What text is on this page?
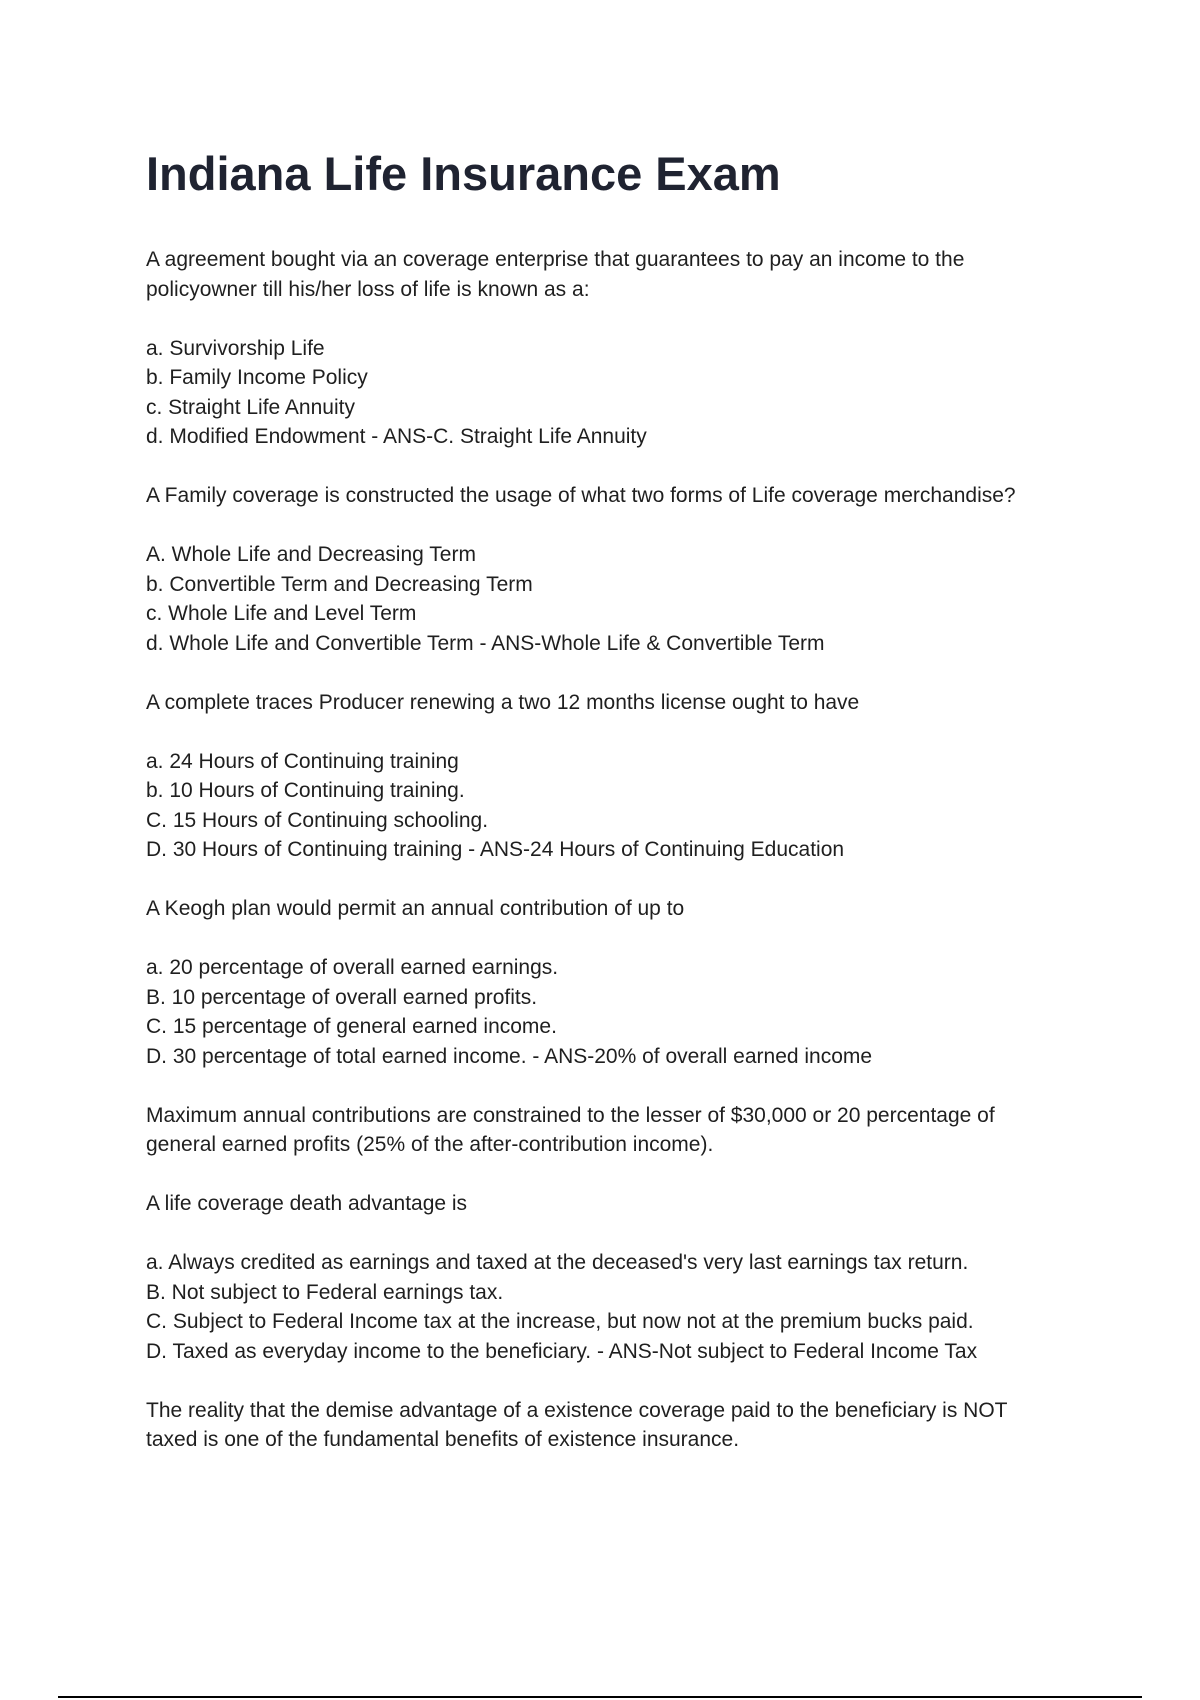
Indiana Life Insurance Exam
A agreement bought via an coverage enterprise that guarantees to pay an income to the
policyowner till his/her loss of life is known as a:
a. Survivorship Life
b. Family Income Policy
c. Straight Life Annuity
d. Modified Endowment - ANS-C. Straight Life Annuity
A Family coverage is constructed the usage of what two forms of Life coverage merchandise?
A. Whole Life and Decreasing Term
b. Convertible Term and Decreasing Term
c. Whole Life and Level Term
d. Whole Life and Convertible Term - ANS-Whole Life & Convertible Term
A complete traces Producer renewing a two 12 months license ought to have
a. 24 Hours of Continuing training
b. 10 Hours of Continuing training.
C. 15 Hours of Continuing schooling.
D. 30 Hours of Continuing training - ANS-24 Hours of Continuing Education
A Keogh plan would permit an annual contribution of up to
a. 20 percentage of overall earned earnings.
B. 10 percentage of overall earned profits.
C. 15 percentage of general earned income.
D. 30 percentage of total earned income. - ANS-20% of overall earned income
Maximum annual contributions are constrained to the lesser of $30,000 or 20 percentage of
general earned profits (25% of the after-contribution income).
A life coverage death advantage is
a. Always credited as earnings and taxed at the deceased's very last earnings tax return.
B. Not subject to Federal earnings tax.
C. Subject to Federal Income tax at the increase, but now not at the premium bucks paid.
D. Taxed as everyday income to the beneficiary. - ANS-Not subject to Federal Income Tax
The reality that the demise advantage of a existence coverage paid to the beneficiary is NOT
taxed is one of the fundamental benefits of existence insurance.
